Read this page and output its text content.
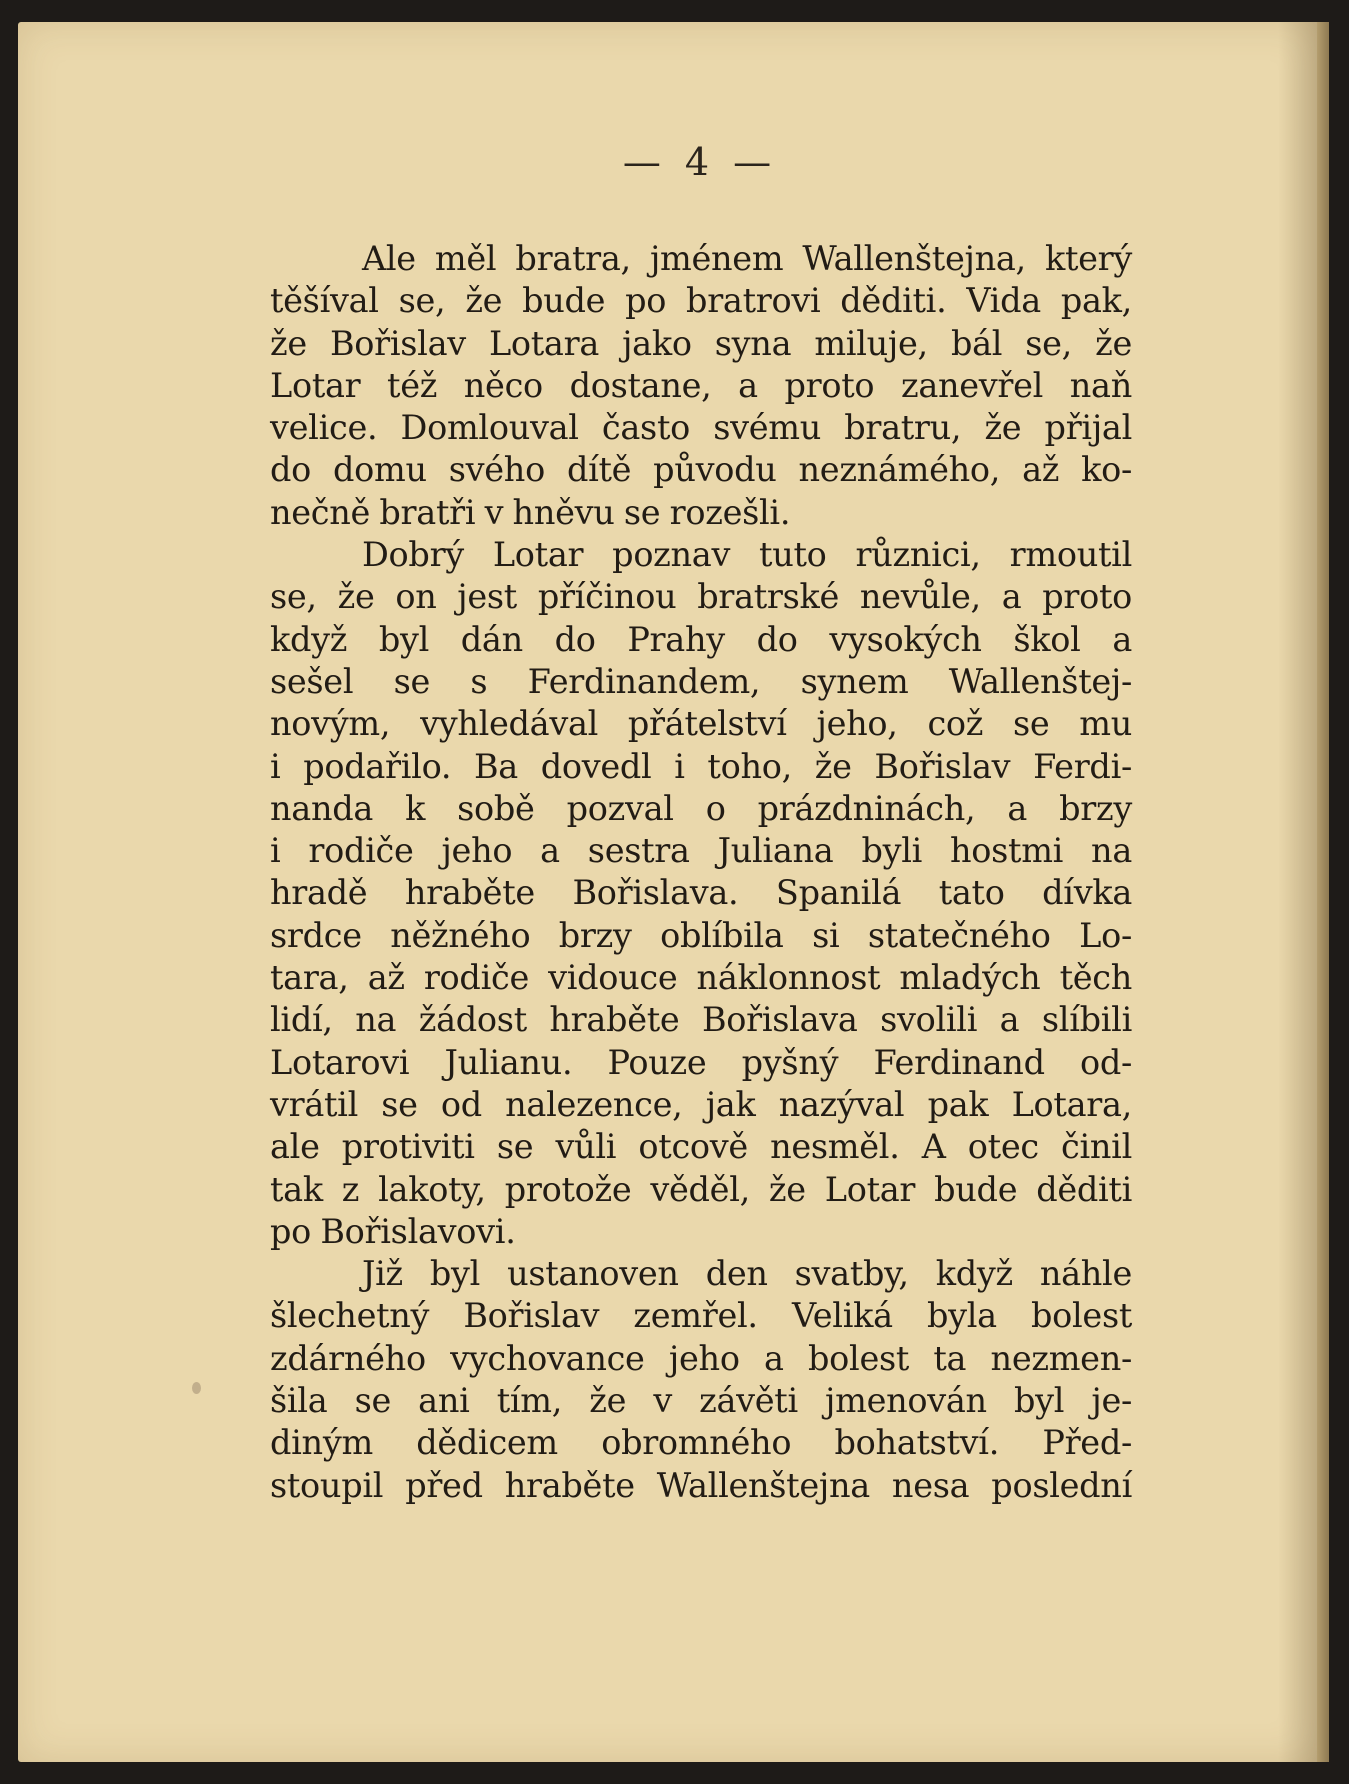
— 4 —
Ale měl bratra, jménem Wallenštejna, který
těšíval se, že bude po bratrovi děditi. Vida pak,
že Bořislav Lotara jako syna miluje, bál se, že
Lotar též něco dostane, a proto zanevřel naň
velice. Domlouval často svému bratru, že přijal
do domu svého dítě původu neznámého, až ko-
nečně bratři v hněvu se rozešli.
Dobrý Lotar poznav tuto různici, rmoutil
se, že on jest příčinou bratrské nevůle, a proto
když byl dán do Prahy do vysokých škol a
sešel se s Ferdinandem, synem Wallenštej-
novým, vyhledával přátelství jeho, což se mu
i podařilo. Ba dovedl i toho, že Bořislav Ferdi-
nanda k sobě pozval o prázdninách, a brzy
i rodiče jeho a sestra Juliana byli hostmi na
hradě hraběte Bořislava. Spanilá tato dívka
srdce něžného brzy oblíbila si statečného Lo-
tara, až rodiče vidouce náklonnost mladých těch
lidí, na žádost hraběte Bořislava svolili a slíbili
Lotarovi Julianu. Pouze pyšný Ferdinand od-
vrátil se od nalezence, jak nazýval pak Lotara,
ale protiviti se vůli otcově nesměl. A otec činil
tak z lakoty, protože věděl, že Lotar bude děditi
po Bořislavovi.
Již byl ustanoven den svatby, když náhle
šlechetný Bořislav zemřel. Veliká byla bolest
zdárného vychovance jeho a bolest ta nezmen-
šila se ani tím, že v závěti jmenován byl je-
diným dědicem obromného bohatství. Před-
stoupil před hraběte Wallenštejna nesa poslední
